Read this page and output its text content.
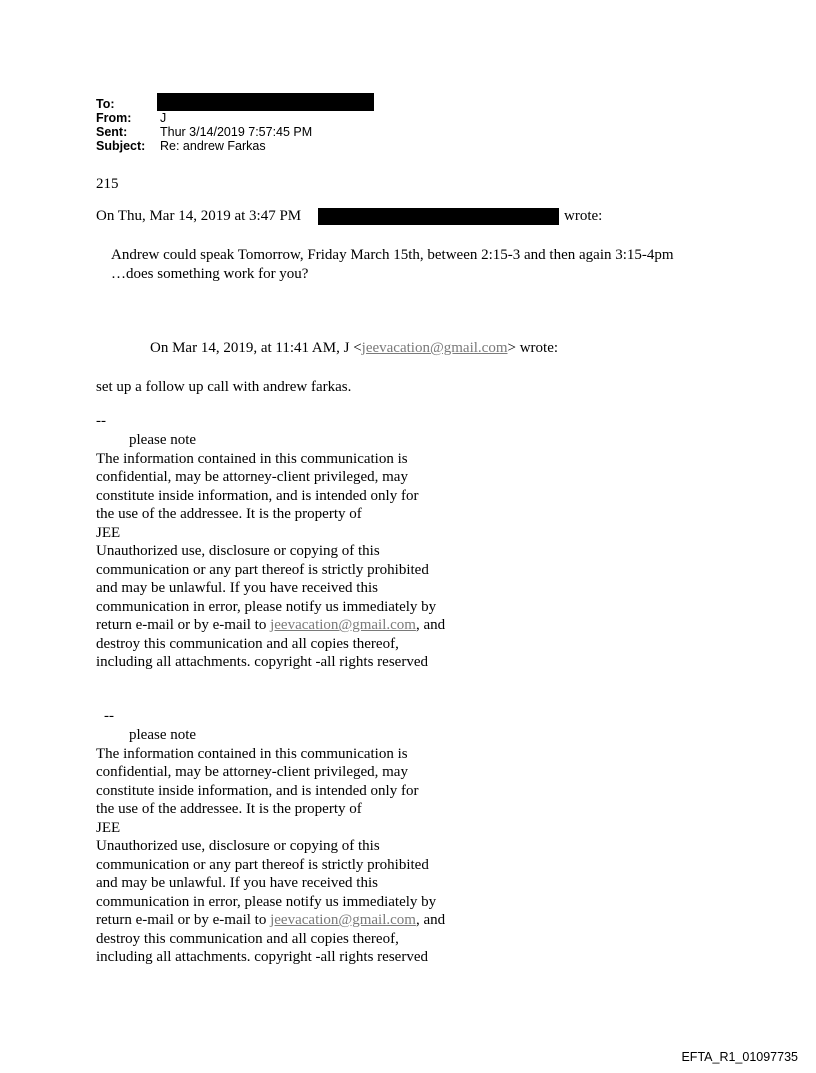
To:
From: J
Sent:	Thur 3/14/2019 7:57:45 PM
Subject: Re: andrew Farkas
215
On Thu, Mar 14, 2019 at 3:47 PM	wrote:
Andrew could speak Tomorrow, Friday March 15th, between 2:15-3 and then again 3:15-4pm
…does something work for you?
On Mar 14, 2019, at 11:41 AM, J <jeevacation@gmail.com> wrote:
set up a follow up call with andrew farkas.
--
please note
The information contained in this communication is
confidential, may be attorney-client privileged, may
constitute inside information, and is intended only for
the use of the addressee. It is the property of
JEE
Unauthorized use, disclosure or copying of this
communication or any part thereof is strictly prohibited
and may be unlawful. If you have received this
communication in error, please notify us immediately by
return e-mail or by e-mail to jeevacation@gmail.com, and
destroy this communication and all copies thereof,
including all attachments. copyright -all rights reserved
--
please note
The information contained in this communication is
confidential, may be attorney-client privileged, may
constitute inside information, and is intended only for
the use of the addressee. It is the property of
JEE
Unauthorized use, disclosure or copying of this
communication or any part thereof is strictly prohibited
and may be unlawful. If you have received this
communication in error, please notify us immediately by
return e-mail or by e-mail to jeevacation@gmail.com, and
destroy this communication and all copies thereof,
including all attachments. copyright -all rights reserved
EFTA_R1_01097735
